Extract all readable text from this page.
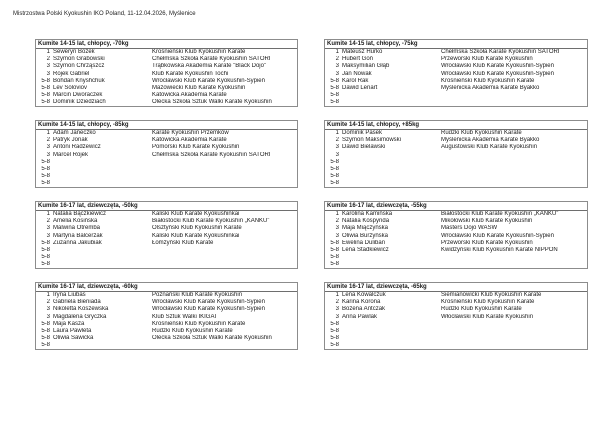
Mistrzostwa Polski Kyokushin IKO Poland, 11-12.04.2026, Myślenice
Kumite 14-15 lat, chłopcy, -70kg
1 Seweryn Bożek	Krośnieński Klub Kyokushin Karate
2 Szymon Grabowski	Chełmska Szkoła Karate Kyokushin SATORI
3 Szymon Chrząszcz	Trąbkowska Akademia Karate "Black Dojo"
3 Rojek Gabriel	Klub Karate Kyokushin Tochi
5-8 Bohdan Knyshchuk	Wrocławski Klub Karate Kyokushin-Sypień
5-8 Lev Soloviov	Mazowiecki Klub Karate Kyokushin
5-8 Marcin Dworaczek	Katowicka Akademia Karate
5-8 Dominik Dziedziach	Olecka Szkoła Sztuk Walki Karate Kyokushin
Kumite 14-15 lat, chłopcy, -75kg
1 Mateusz Hurko	Chełmska Szkoła Karate Kyokushin SATORI
2 Hubert Goń	Przeworski Klub Karate Kyokushin
3 Maksymilian Głąb	Wrocławski Klub Karate Kyokushin-Sypień
3 Jan Nowak	Wrocławski Klub Karate Kyokushin-Sypień
5-8 Karol Rak	Krośnieński Klub Kyokushin Karate
5-8 Dawid Lenart	Myślenicka Akademia Karate Byakko
5-8
5-8
Kumite 14-15 lat, chłopcy, -85kg
1 Adam Janeczko	Karate Kyokushin Przemków
2 Patryk Jonak	Katowicka Akademia Karate
3 Antoni Radzewicz	Pomorski Klub Karate Kyokushin
3 Marcel Rojek	Chełmska Szkoła Karate Kyokushin SATORI
5-8
5-8
5-8
5-8
Kumite 14-15 lat, chłopcy, +85kg
1 Dominik Pasek	Rudzki Klub Kyokushin Karate
2 Szymon Maksimowski	Myślenicka Akademia Karate Byakko
3 Dawid Bielawski	Augustowski Klub Karate Kyokushin
3
5-8
5-8
5-8
5-8
Kumite 16-17 lat, dziewczęta, -50kg
1 Natalia Bączkiewicz	Kaliski Klub Karate Kyokushinkai
2 Amelia Kosińska	Białostocki Klub Karate Kyokushin „KANKU”
3 Malwina Otremba	Olsztyński Klub Kyokushin Karate
3 Martyna Balcerzak	Kaliski Klub Karate Kyokushinkai
5-8 Zuzanna Jakubiak	Łomżyński Klub Karate
5-8
5-8
5-8
Kumite 16-17 lat, dziewczęta, -55kg
1 Karolina Kamińska	Białostocki Klub Karate Kyokushin „KANKU”
2 Natalia Kospynda	Mikołowski Klub Karate Kyokushin
3 Maja Miączyńska	Masters Dojo WASW
3 Oliwia Burzyńska	Wrocławski Klub Karate Kyokushin-Sypień
5-8 Ewelina Duliban	Przeworski Klub Karate Kyokushin
5-8 Lena Stadkiewicz	Kwidzyński Klub Kyokushin Karate NIPPON
5-8
5-8
Kumite 16-17 lat, dziewczęta, -60kg
1 Iryna Liubas	Poznański Klub Karate Kyokushin
2 Gabriela Bieniada	Wrocławski Klub Karate Kyokushin-Sypień
3 Nikoletta Koszewska	Wrocławski Klub Karate Kyokushin-Sypień
3 Magdalena Gryczka	Klub Sztuk Walki IKIGAI
5-8 Maja Kasza	Krośnieński Klub Kyokushin Karate
5-8 Laura Pawleta	Rudzki Klub Kyokushin Karate
5-8 Oliwia Sawicka	Olecka Szkoła Sztuk Walki Karate Kyokushin
5-8
Kumite 16-17 lat, dziewczęta, -65kg
1 Lena Kowalczuk	Siemianowicki Klub Kyokushin Karate
2 Karina Korona	Krośnieński Klub Kyokushin Karate
3 Bożena Antczak	Rudzki Klub Kyokushin Karate
3 Anna Pawlak	Włocławski Klub Karate Kyokushin
5-8
5-8
5-8
5-8
